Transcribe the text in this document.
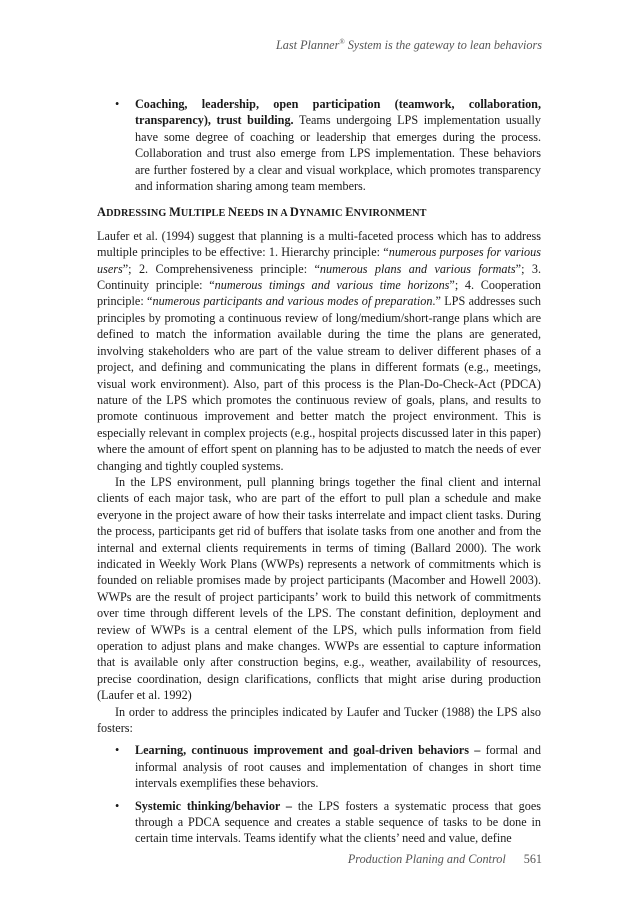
Last Planner® System is the gateway to lean behaviors
• Coaching, leadership, open participation (teamwork, collaboration, transparency), trust building. Teams undergoing LPS implementation usually have some degree of coaching or leadership that emerges during the process. Collaboration and trust also emerge from LPS implementation. These behaviors are further fostered by a clear and visual workplace, which promotes transparency and information sharing among team members.
ADDRESSING MULTIPLE NEEDS IN A DYNAMIC ENVIRONMENT

Laufer et al. (1994) suggest that planning is a multi-faceted process which has to address multiple principles to be effective: 1. Hierarchy principle: “numerous purposes for various users”; 2. Comprehensiveness principle: “numerous plans and various formats”; 3. Continuity principle: “numerous timings and various time horizons”; 4. Cooperation principle: “numerous participants and various modes of preparation.” LPS addresses such principles by promoting a continuous review of long/medium/short-range plans which are defined to match the information available during the time the plans are generated, involving stakeholders who are part of the value stream to deliver different phases of a project, and defining and communicating the plans in different formats (e.g., meetings, visual work environment). Also, part of this process is the Plan-Do-Check-Act (PDCA) nature of the LPS which promotes the continuous review of goals, plans, and results to promote continuous improvement and better match the project environment. This is especially relevant in complex projects (e.g., hospital projects discussed later in this paper) where the amount of effort spent on planning has to be adjusted to match the needs of ever changing and tightly coupled systems.

In the LPS environment, pull planning brings together the final client and internal clients of each major task, who are part of the effort to pull plan a schedule and make everyone in the project aware of how their tasks interrelate and impact client tasks. During the process, participants get rid of buffers that isolate tasks from one another and from the internal and external clients requirements in terms of timing (Ballard 2000). The work indicated in Weekly Work Plans (WWPs) represents a network of commitments which is founded on reliable promises made by project participants (Macomber and Howell 2003). WWPs are the result of project participants’ work to build this network of commitments over time through different levels of the LPS. The constant definition, deployment and review of WWPs is a central element of the LPS, which pulls information from field operation to adjust plans and make changes. WWPs are essential to capture information that is available only after construction begins, e.g., weather, availability of resources, precise coordination, design clarifications, conflicts that might arise during production (Laufer et al. 1992)

In order to address the principles indicated by Laufer and Tucker (1988) the LPS also fosters:

• Learning, continuous improvement and goal-driven behaviors – formal and informal analysis of root causes and implementation of changes in short time intervals exemplifies these behaviors.
• Systemic thinking/behavior – the LPS fosters a systematic process that goes through a PDCA sequence and creates a stable sequence of tasks to be done in certain time intervals. Teams identify what the clients’ need and value, define
Production Planing and Control 561
